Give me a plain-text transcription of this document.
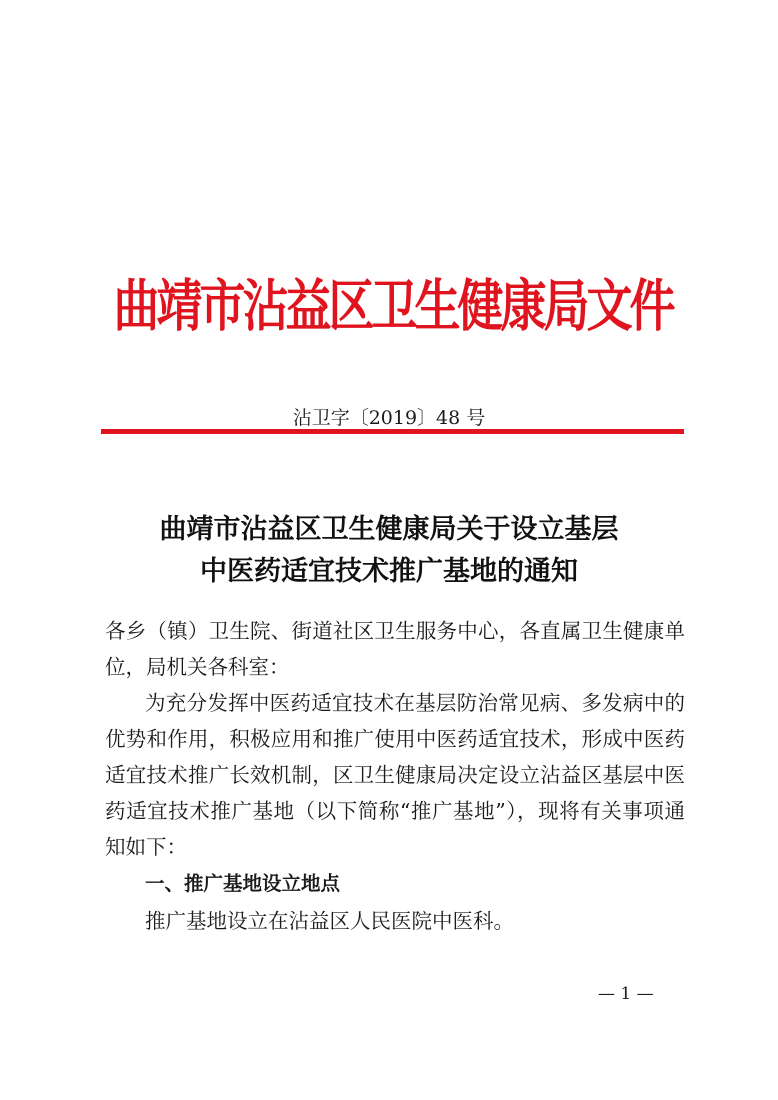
曲靖市沾益区卫生健康局文件
沾卫字〔2019〕48 号
曲靖市沾益区卫生健康局关于设立基层
中医药适宜技术推广基地的通知
各乡（镇）卫生院、街道社区卫生服务中心，各直属卫生健康单
位，局机关各科室：
为充分发挥中医药适宜技术在基层防治常见病、多发病中的
优势和作用，积极应用和推广使用中医药适宜技术，形成中医药
适宜技术推广长效机制，区卫生健康局决定设立沾益区基层中医
药适宜技术推广基地（以下简称“推广基地”），现将有关事项通
知如下：
一、推广基地设立地点
推广基地设立在沾益区人民医院中医科。
— 1 —
